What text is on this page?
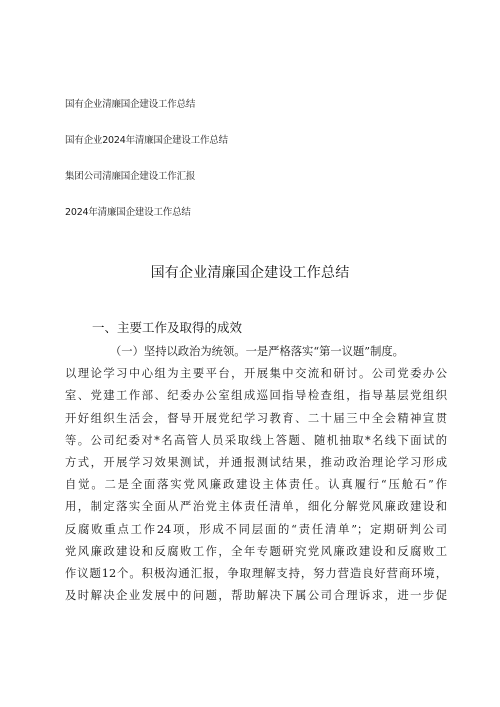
国有企业清廉国企建设工作总结
国有企业2024年清廉国企建设工作总结
集团公司清廉国企建设工作汇报
2024年清廉国企建设工作总结
国有企业清廉国企建设工作总结
一、主要工作及取得的成效
（一）坚持以政治为统领。一是严格落实“第一议题”制度。
以理论学习中心组为主要平台，开展集中交流和研讨。公司党委办公
室、党建工作部、纪委办公室组成巡回指导检查组，指导基层党组织
开好组织生活会，督导开展党纪学习教育、二十届三中全会精神宣贯
等。公司纪委对*名高管人员采取线上答题、随机抽取*名线下面试的
方式，开展学习效果测试，并通报测试结果，推动政治理论学习形成
自觉。二是全面落实党风廉政建设主体责任。认真履行“压舱石”作
用，制定落实全面从严治党主体责任清单，细化分解党风廉政建设和
反腐败重点工作24项，形成不同层面的“责任清单”；定期研判公司
党风廉政建设和反腐败工作，全年专题研究党风廉政建设和反腐败工
作议题12个。积极沟通汇报，争取理解支持，努力营造良好营商环境，
及时解决企业发展中的问题，帮助解决下属公司合理诉求，进一步促
